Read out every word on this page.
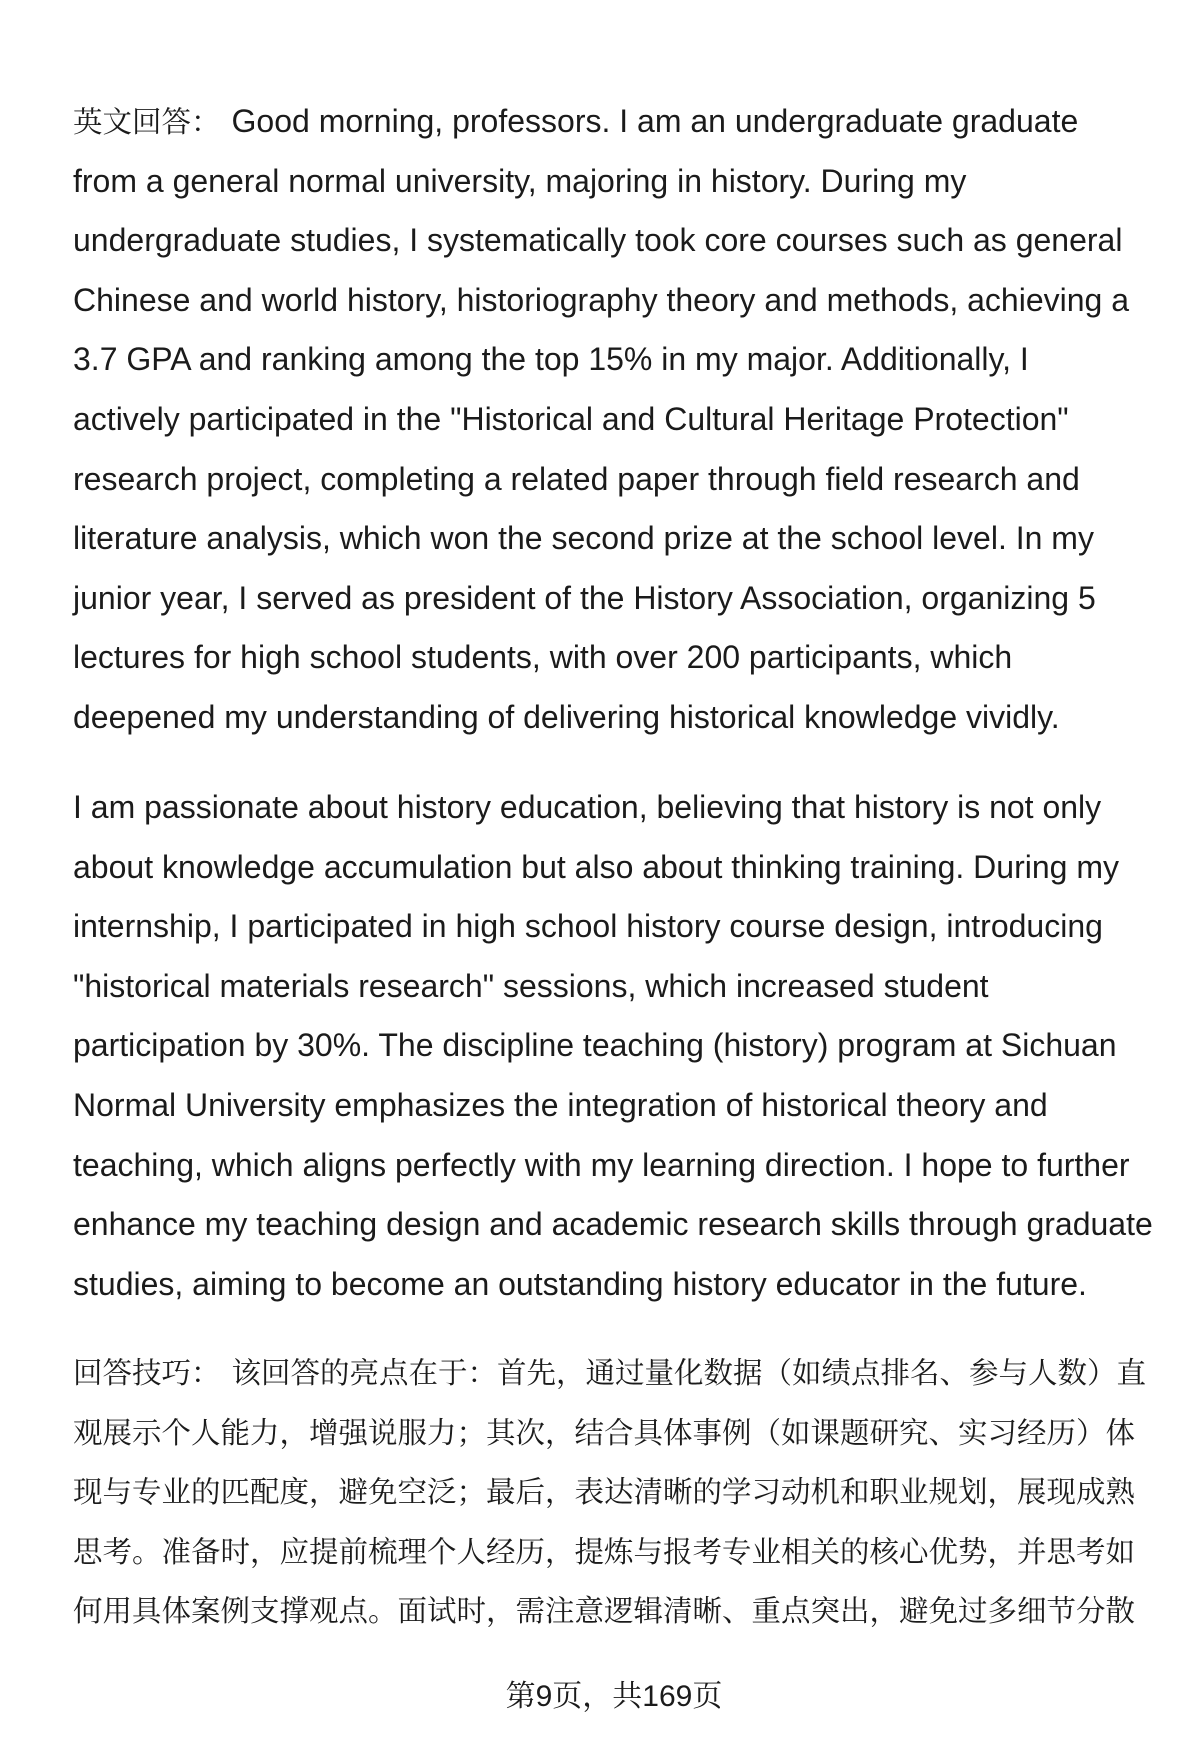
英文回答： Good morning, professors. I am an undergraduate graduate
from a general normal university, majoring in history. During my
undergraduate studies, I systematically took core courses such as general
Chinese and world history, historiography theory and methods, achieving a
3.7 GPA and ranking among the top 15% in my major. Additionally, I
actively participated in the "Historical and Cultural Heritage Protection"
research project, completing a related paper through field research and
literature analysis, which won the second prize at the school level. In my
junior year, I served as president of the History Association, organizing 5
lectures for high school students, with over 200 participants, which
deepened my understanding of delivering historical knowledge vividly.
I am passionate about history education, believing that history is not only
about knowledge accumulation but also about thinking training. During my
internship, I participated in high school history course design, introducing
"historical materials research" sessions, which increased student
participation by 30%. The discipline teaching (history) program at Sichuan
Normal University emphasizes the integration of historical theory and
teaching, which aligns perfectly with my learning direction. I hope to further
enhance my teaching design and academic research skills through graduate
studies, aiming to become an outstanding history educator in the future.
回答技巧： 该回答的亮点在于：首先，通过量化数据（如绩点排名、参与人数）直
观展示个人能力，增强说服力；其次，结合具体事例（如课题研究、实习经历）体
现与专业的匹配度，避免空泛；最后，表达清晰的学习动机和职业规划，展现成熟
思考。准备时，应提前梳理个人经历，提炼与报考专业相关的核心优势，并思考如
何用具体案例支撑观点。面试时，需注意逻辑清晰、重点突出，避免过多细节分散
第9页，共169页
